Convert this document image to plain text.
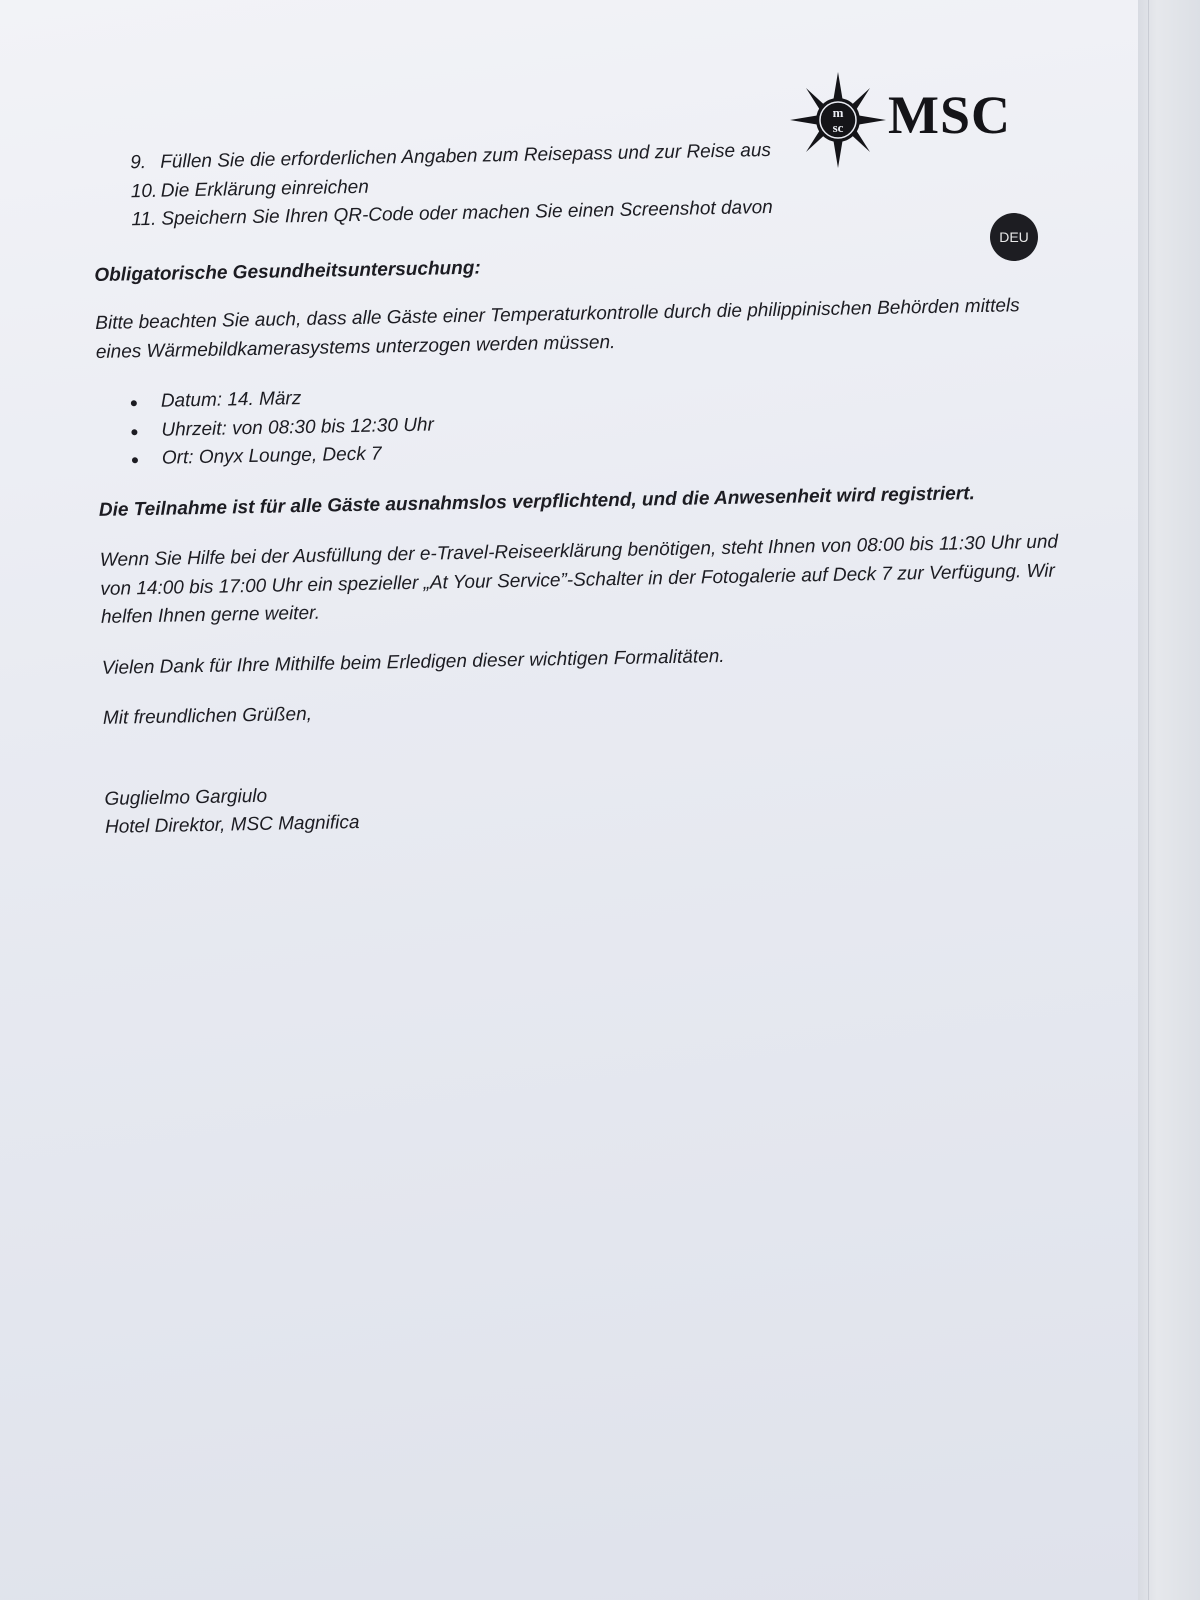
m
sc MSC
DEU
9. Füllen Sie die erforderlichen Angaben zum Reisepass und zur Reise aus
10. Die Erklärung einreichen
11. Speichern Sie Ihren QR-Code oder machen Sie einen Screenshot davon
Obligatorische Gesundheitsuntersuchung:

Bitte beachten Sie auch, dass alle Gäste einer Temperaturkontrolle durch die philippinischen Behörden mittels eines Wärmebildkamerasystems unterzogen werden müssen.

Datum: 14. März
Uhrzeit: von 08:30 bis 12:30 Uhr
Ort: Onyx Lounge, Deck 7

Die Teilnahme ist für alle Gäste ausnahmslos verpflichtend, und die Anwesenheit wird registriert.

Wenn Sie Hilfe bei der Ausfüllung der e-Travel-Reiseerklärung benötigen, steht Ihnen von 08:00 bis 11:30 Uhr und von 14:00 bis 17:00 Uhr ein spezieller „At Your Service”-Schalter in der Fotogalerie auf Deck 7 zur Verfügung. Wir helfen Ihnen gerne weiter.

Vielen Dank für Ihre Mithilfe beim Erledigen dieser wichtigen Formalitäten.

Mit freundlichen Grüßen,

Guglielmo Gargiulo
Hotel Direktor, MSC Magnifica
